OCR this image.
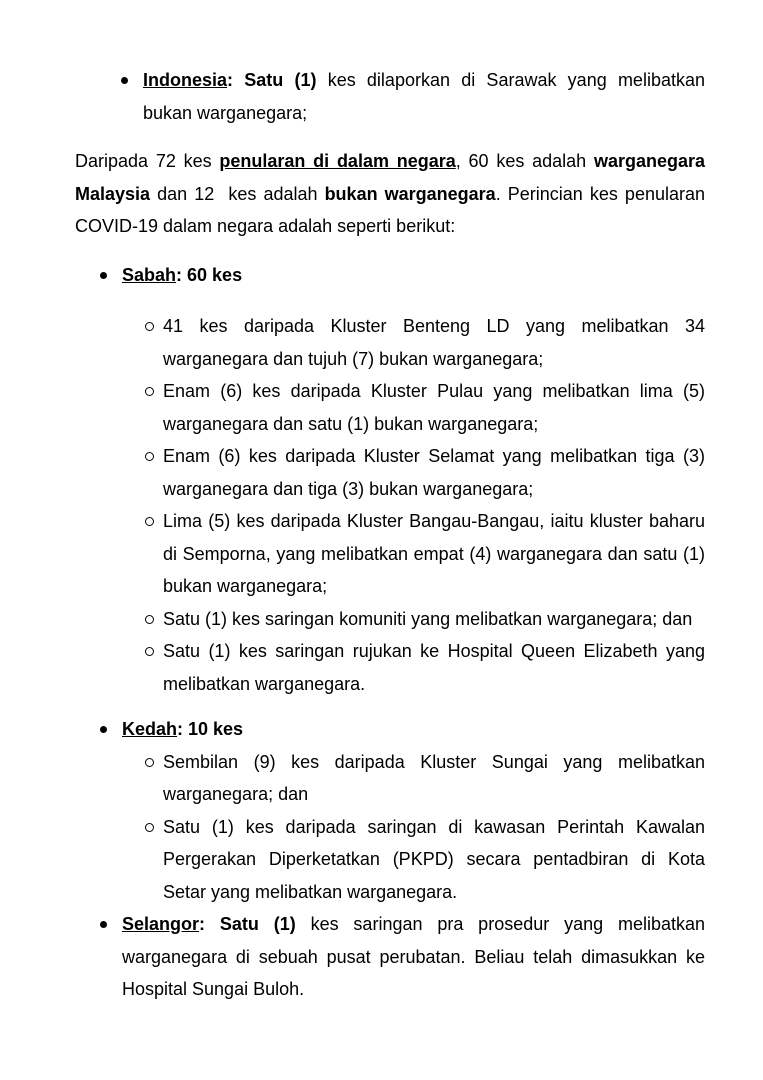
Indonesia: Satu (1) kes dilaporkan di Sarawak yang melibatkan bukan warganegara;

Daripada 72 kes penularan di dalam negara, 60 kes adalah warganegara Malaysia dan 12  kes adalah bukan warganegara. Perincian kes penularan COVID-19 dalam negara adalah seperti berikut:

Sabah: 60 kes
41 kes daripada Kluster Benteng LD yang melibatkan 34 warganegara dan tujuh (7) bukan warganegara;
Enam (6) kes daripada Kluster Pulau yang melibatkan lima (5) warganegara dan satu (1) bukan warganegara;
Enam (6) kes daripada Kluster Selamat yang melibatkan tiga (3) warganegara dan tiga (3) bukan warganegara;
Lima (5) kes daripada Kluster Bangau-Bangau, iaitu kluster baharu di Semporna, yang melibatkan empat (4) warganegara dan satu (1) bukan warganegara;
Satu (1) kes saringan komuniti yang melibatkan warganegara; dan
Satu (1) kes saringan rujukan ke Hospital Queen Elizabeth yang melibatkan warganegara.
Kedah: 10 kes
Sembilan (9) kes daripada Kluster Sungai yang melibatkan warganegara; dan
Satu (1) kes daripada saringan di kawasan Perintah Kawalan Pergerakan Diperketatkan (PKPD) secara pentadbiran di Kota Setar yang melibatkan warganegara.
Selangor: Satu (1) kes saringan pra prosedur yang melibatkan warganegara di sebuah pusat perubatan. Beliau telah dimasukkan ke Hospital Sungai Buloh.
